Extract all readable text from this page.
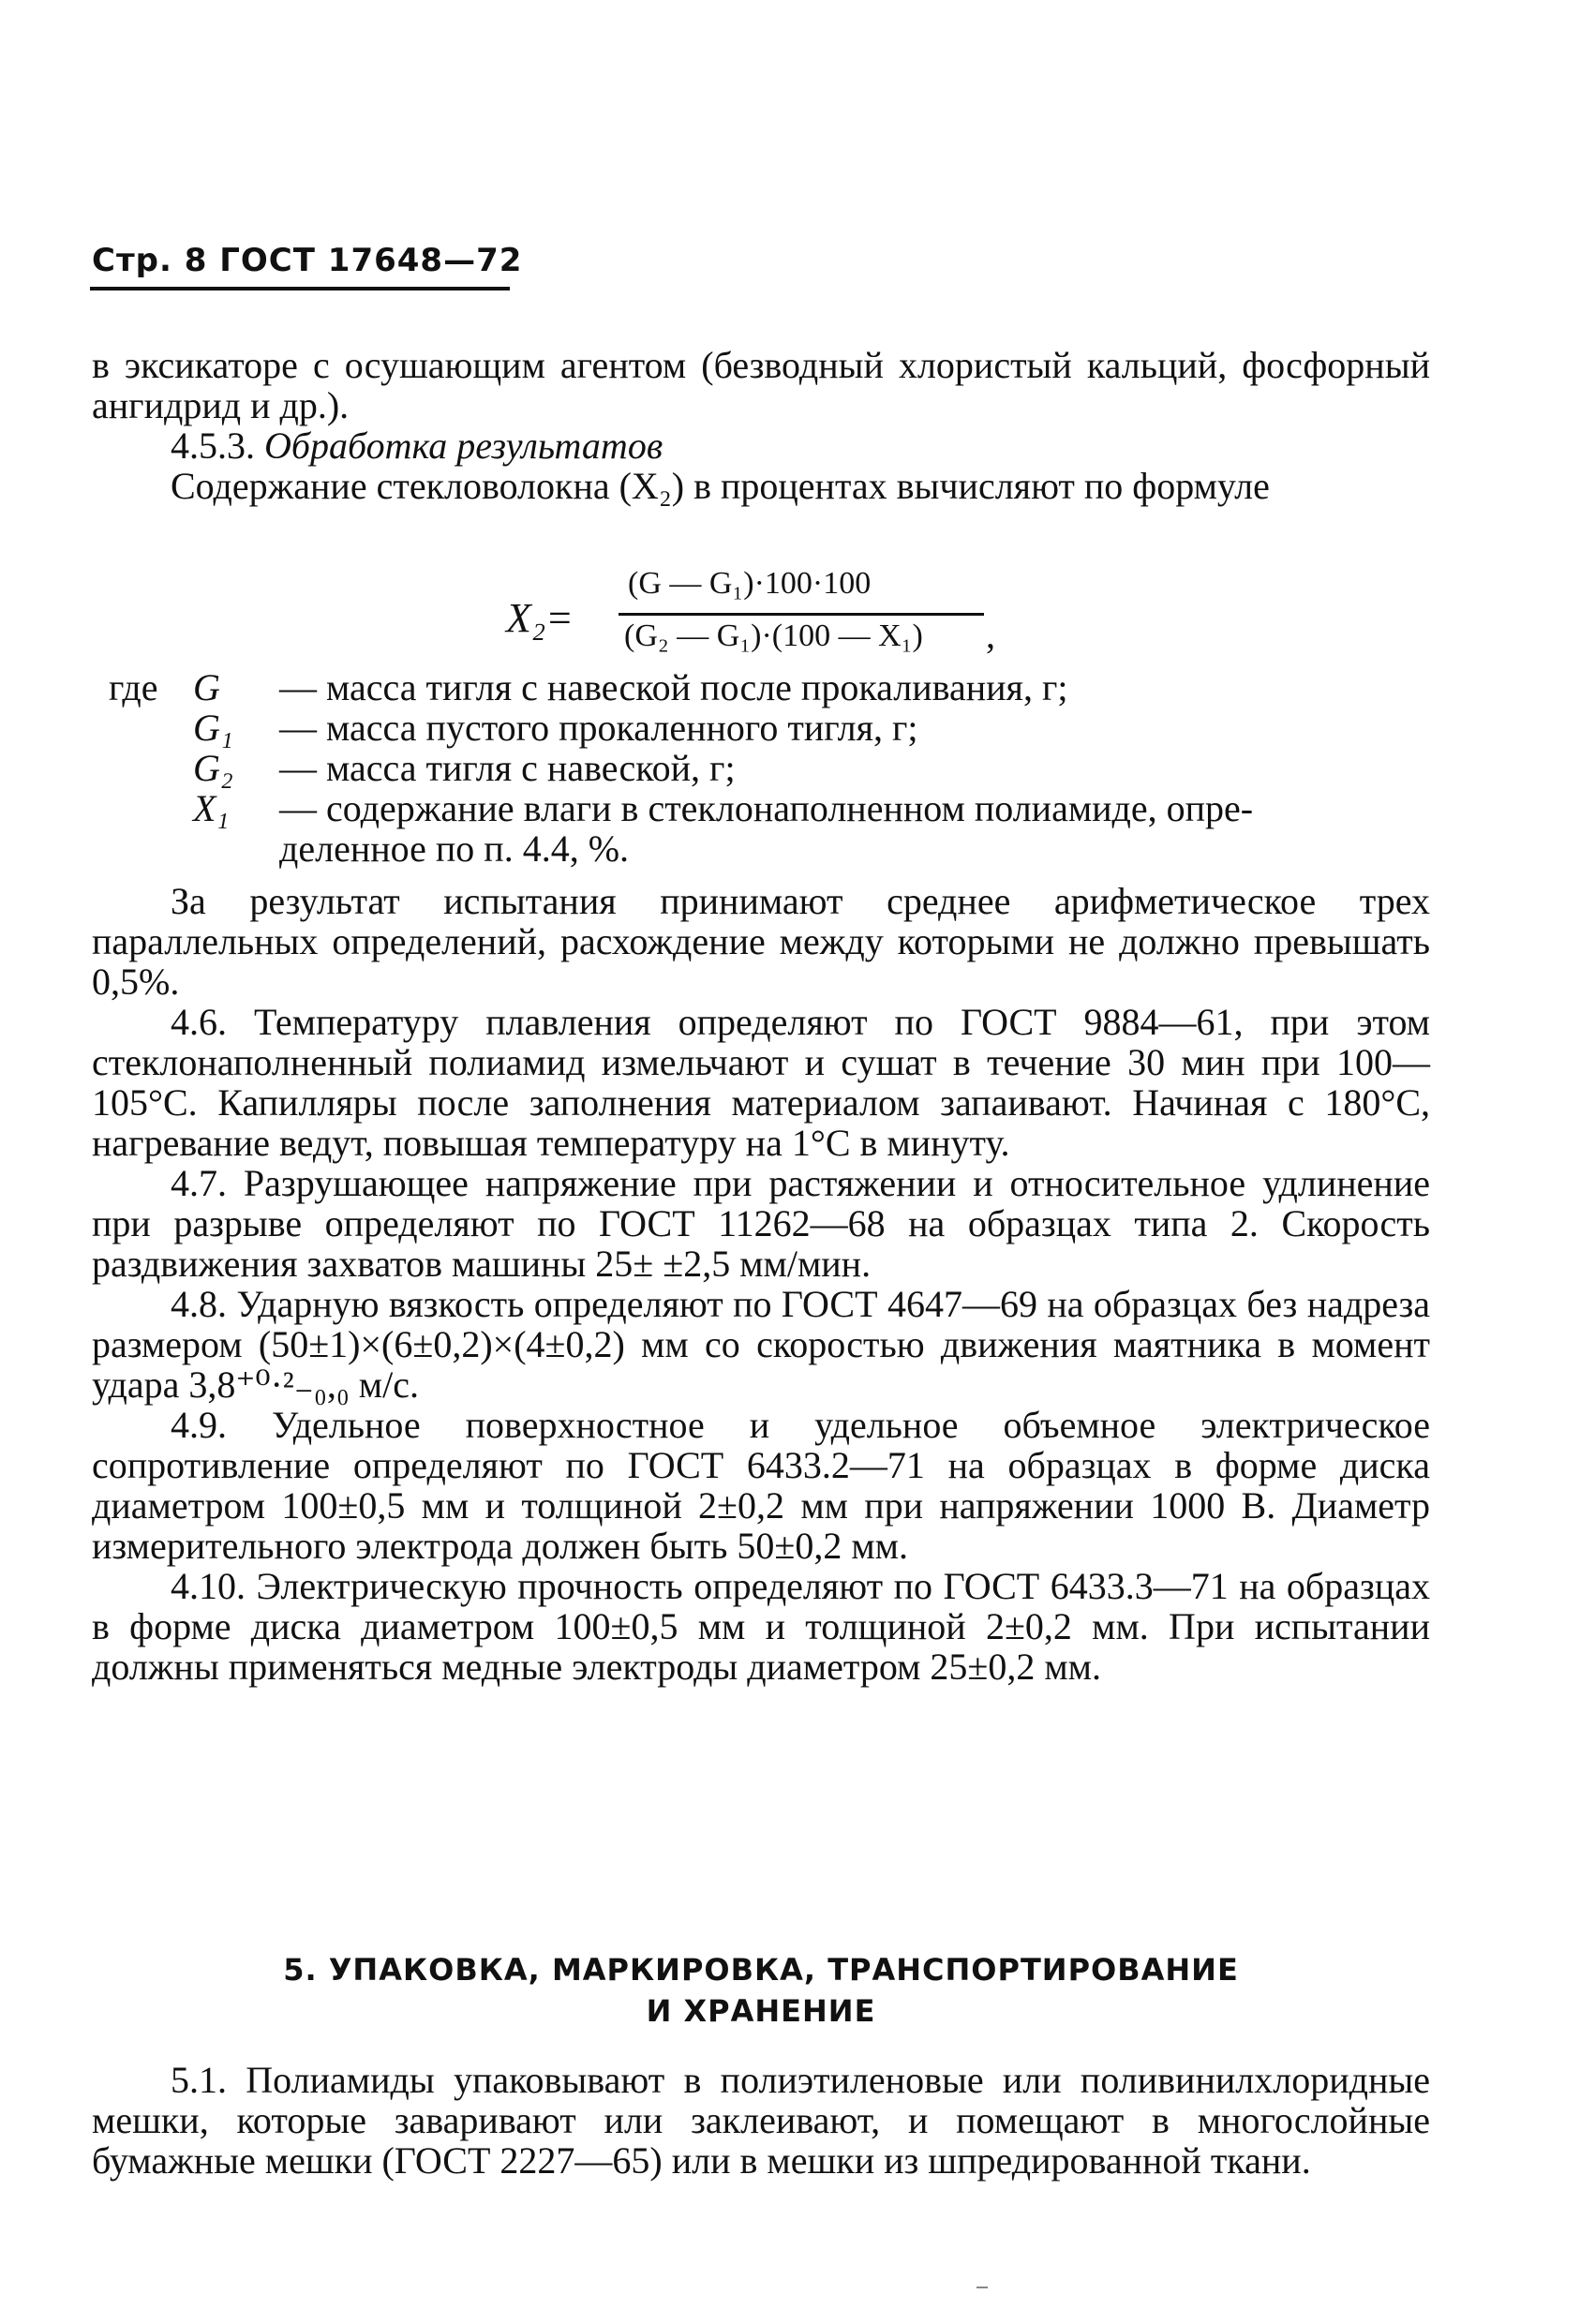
Стр. 8 ГОСТ 17648—72

в эксикаторе с осушающим агентом (безводный хлористый кальций, фосфорный ангидрид и др.).

4.5.3. Обработка результатов

Содержание стекловолокна (X₂) в процентах вычисляют по формуле

X₂=
(G — G₁)·100·100
(G₂ — G₁)·(100 — X₁) ,
где G	— масса тигля с навеской после прокаливания, г;
G₁	— масса пустого прокаленного тигля, г;
G₂	— масса тигля с навеской, г;
X₁	— содержание влаги в стеклонаполненном полиамиде, опре-
деленное по п. 4.4, %.

За результат испытания принимают среднее арифметическое трех параллельных определений, расхождение между которыми не должно превышать 0,5%.

4.6. Температуру плавления определяют по ГОСТ 9884—61, при этом стеклонаполненный полиамид измельчают и сушат в течение 30 мин при 100—105°С. Капилляры после заполнения материалом запаивают. Начиная с 180°С, нагревание ведут, повышая температуру на 1°С в минуту.

4.7. Разрушающее напряжение при растяжении и относительное удлинение при разрыве определяют по ГОСТ 11262—68 на образцах типа 2. Скорость раздвижения захватов машины 25± ±2,5 мм/мин.

4.8. Ударную вязкость определяют по ГОСТ 4647—69 на образцах без надреза размером (50±1)×(6±0,2)×(4±0,2) мм со скоростью движения маятника в момент удара 3,8⁺⁰·²₋₀,₀ м/с.

4.9. Удельное поверхностное и удельное объемное электрическое сопротивление определяют по ГОСТ 6433.2—71 на образцах в форме диска диаметром 100±0,5 мм и толщиной 2±0,2 мм при напряжении 1000 В. Диаметр измерительного электрода должен быть 50±0,2 мм.

4.10. Электрическую прочность определяют по ГОСТ 6433.3—71 на образцах в форме диска диаметром 100±0,5 мм и толщиной 2±0,2 мм. При испытании должны применяться медные электроды диаметром 25±0,2 мм.

5. УПАКОВКА, МАРКИРОВКА, ТРАНСПОРТИРОВАНИЕ
И ХРАНЕНИЕ

5.1. Полиамиды упаковывают в полиэтиленовые или поливинилхлоридные мешки, которые заваривают или заклеивают, и помещают в многослойные бумажные мешки (ГОСТ 2227—65) или в мешки из шпредированной ткани.
